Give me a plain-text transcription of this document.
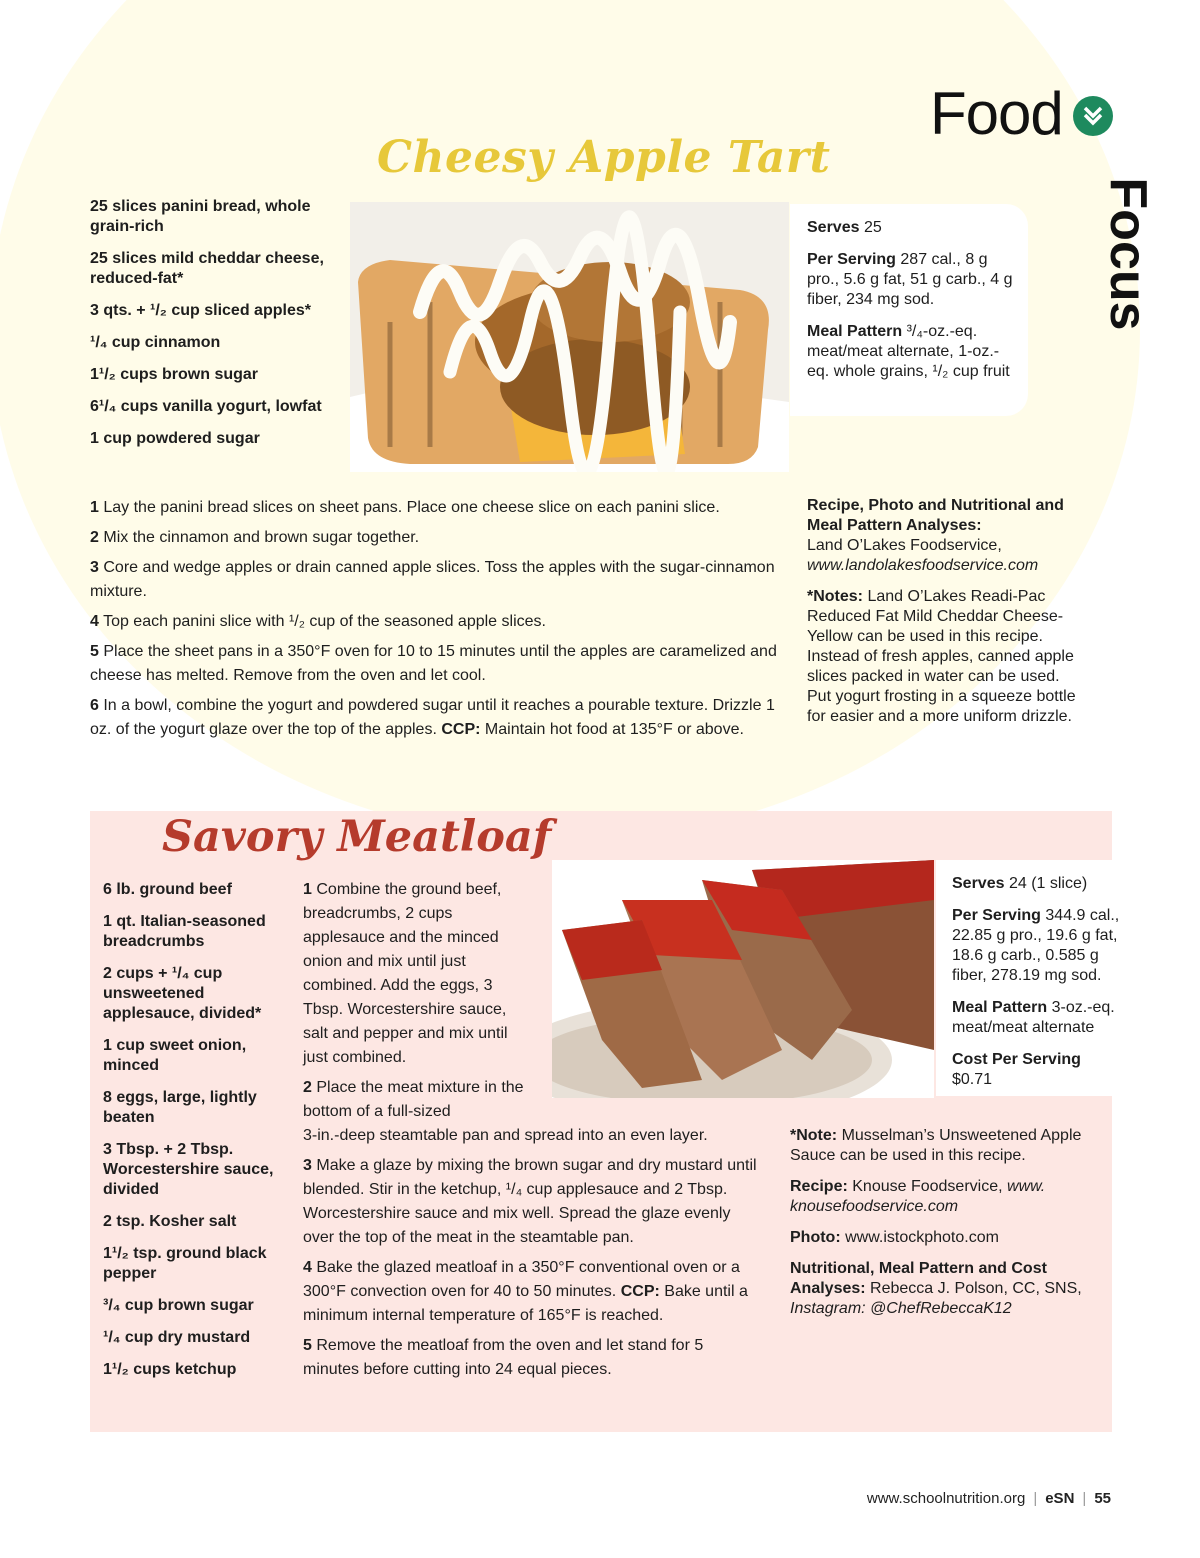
Food
Focus
Cheesy Apple Tart
25 slices panini bread, whole grain-rich
25 slices mild cheddar cheese, reduced-fat*
3 qts. + ¹/₂ cup sliced apples*
¹/₄ cup cinnamon
1¹/₂ cups brown sugar
6¹/₄ cups vanilla yogurt, lowfat
1 cup powdered sugar

Serves 25

Per Serving 287 cal., 8 g pro., 5.6 g fat, 51 g carb., 4 g fiber, 234 mg sod.

Meal Pattern ³/₄-oz.-eq. meat/meat alternate, 1-oz.-eq. whole grains, ¹/₂ cup fruit

1 Lay the panini bread slices on sheet pans. Place one cheese slice on each panini slice.

2 Mix the cinnamon and brown sugar together.

3 Core and wedge apples or drain canned apple slices. Toss the apples with the sugar-cinnamon mixture.

4 Top each panini slice with ¹/₂ cup of the seasoned apple slices.

5 Place the sheet pans in a 350°F oven for 10 to 15 minutes until the apples are caramelized and cheese has melted. Remove from the oven and let cool.

6 In a bowl, combine the yogurt and powdered sugar until it reaches a pourable texture. Drizzle 1 oz. of the yogurt glaze over the top of the apples. CCP: Maintain hot food at 135°F or above.

Recipe, Photo and Nutritional and Meal Pattern Analyses:
Land O’Lakes Foodservice,
www.landolakesfoodservice.com

*Notes: Land O’Lakes Readi-Pac Reduced Fat Mild Cheddar Cheese-Yellow can be used in this recipe. Instead of fresh apples, canned apple slices packed in water can be used. Put yogurt frosting in a squeeze bottle for easier and a more uniform drizzle.

Savory Meatloaf
6 lb. ground beef
1 qt. Italian-seasoned breadcrumbs
2 cups + ¹/₄ cup unsweetened applesauce, divided*
1 cup sweet onion, minced
8 eggs, large, lightly beaten
3 Tbsp. + 2 Tbsp. Worcestershire sauce, divided
2 tsp. Kosher salt
1¹/₂ tsp. ground black pepper
³/₄ cup brown sugar
¹/₄ cup dry mustard
1¹/₂ cups ketchup

1 Combine the ground beef, breadcrumbs, 2 cups applesauce and the minced onion and mix until just combined. Add the eggs, 3 Tbsp. Worcestershire sauce, salt and pepper and mix until just combined.

2 Place the meat mixture in the bottom of a full-sized
3-in.-deep steamtable pan and spread into an even layer.

3 Make a glaze by mixing the brown sugar and dry mustard until blended. Stir in the ketchup, ¹/₄ cup applesauce and 2 Tbsp. Worcestershire sauce and mix well. Spread the glaze evenly over the top of the meat in the steamtable pan.

4 Bake the glazed meatloaf in a 350°F conventional oven or a 300°F convection oven for 40 to 50 minutes. CCP: Bake until a minimum internal temperature of 165°F is reached.

5 Remove the meatloaf from the oven and let stand for 5 minutes before cutting into 24 equal pieces.

Serves 24 (1 slice)

Per Serving 344.9 cal., 22.85 g pro., 19.6 g fat, 18.6 g carb., 0.585 g fiber, 278.19 mg sod.

Meal Pattern 3-oz.-eq. meat/meat alternate

Cost Per Serving $0.71

*Note: Musselman’s Unsweetened Apple Sauce can be used in this recipe.

Recipe: Knouse Foodservice, www. knousefoodservice.com

Photo: www.istockphoto.com

Nutritional, Meal Pattern and Cost Analyses: Rebecca J. Polson, CC, SNS,
Instagram: @ChefRebeccaK12

www.schoolnutrition.org | eSN | 55
